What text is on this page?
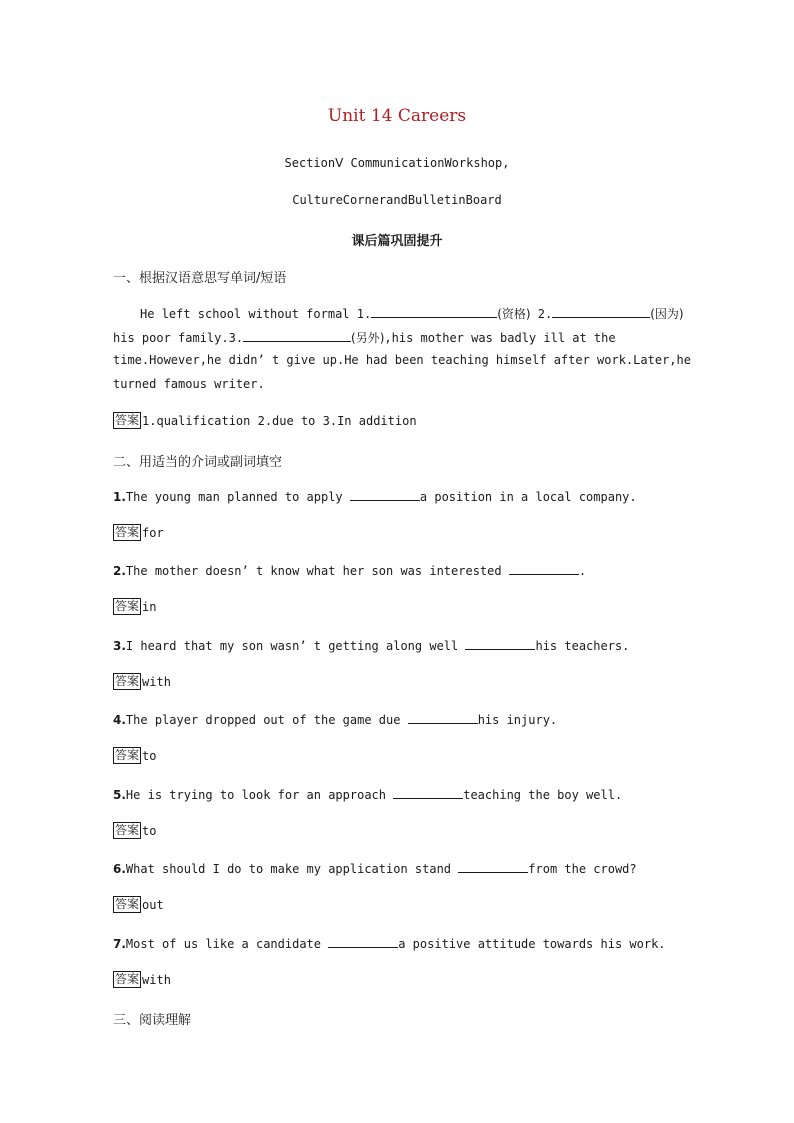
Unit 14 Careers
SectionⅤ CommunicationWorkshop,
CultureCornerandBulletinBoard
课后篇巩固提升
一、根据汉语意思写单词/短语
He left school without formal 1.	(资格) 2.	(因为)
his poor family.3.	(另外),his mother was badly ill at the
time.However,he didn’ t give up.He had been teaching himself after work.Later,he
turned famous writer.
答案 1.qualification 2.due to 3.In addition
二、用适当的介词或副词填空
1.The young man planned to apply	a position in a local company.
答案 for
2.The mother doesn’ t know what her son was interested	.
答案 in
3.I heard that my son wasn’ t getting along well	his teachers.
答案 with
4.The player dropped out of the game due	his injury.
答案 to
5.He is trying to look for an approach	teaching the boy well.
答案 to
6.What should I do to make my application stand	from the crowd?
答案 out
7.Most of us like a candidate	a positive attitude towards his work.
答案 with
三、阅读理解
